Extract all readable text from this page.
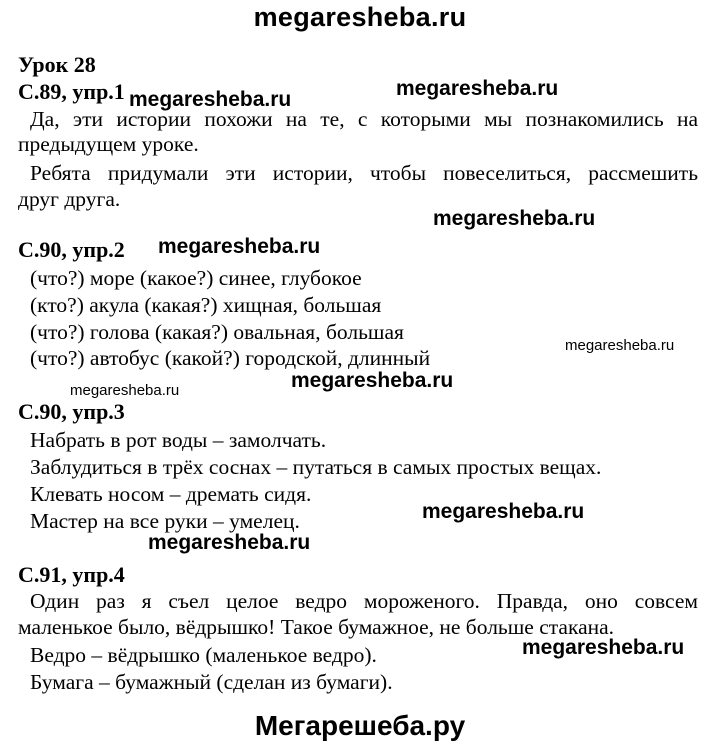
megaresheba.ru
Урок 28
С.89, упр.1
Да, эти истории похожи на те, с которыми мы познакомились на
предыдущем уроке.
Ребята придумали эти истории, чтобы повеселиться, рассмешить
друг друга.
С.90, упр.2
(что?) море (какое?) синее, глубокое
(кто?) акула (какая?) хищная, большая
(что?) голова (какая?) овальная, большая
(что?) автобус (какой?) городской, длинный
С.90, упр.3
Набрать в рот воды – замолчать.
Заблудиться в трёх соснах – путаться в самых простых вещах.
Клевать носом – дремать сидя.
Мастер на все руки – умелец.
С.91, упр.4
Один раз я съел целое ведро мороженого. Правда, оно совсем
маленькое было, вёдрышко! Такое бумажное, не больше стакана.
Ведро – вёдрышко (маленькое ведро).
Бумага – бумажный (сделан из бумаги).
megaresheba.ru
megaresheba.ru
megaresheba.ru
megaresheba.ru
megaresheba.ru
megaresheba.ru
megaresheba.ru
megaresheba.ru
megaresheba.ru
megaresheba.ru
Мегарешеба.ру
